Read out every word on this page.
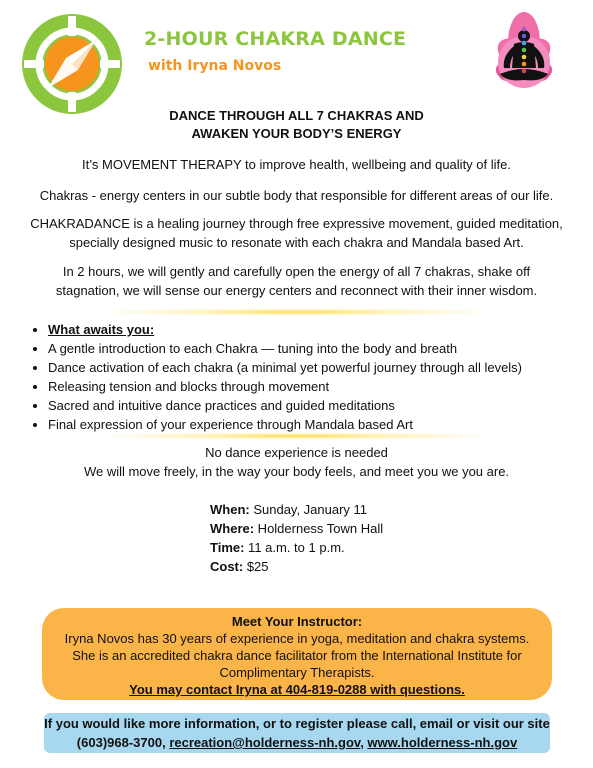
2-HOUR CHAKRA DANCE
with Iryna Novos
DANCE THROUGH ALL 7 CHAKRAS AND
AWAKEN YOUR BODY’S ENERGY
It’s MOVEMENT THERAPY to improve health, wellbeing and quality of life.
Chakras - energy centers in our subtle body that responsible for different areas of our life.
CHAKRADANCE is a healing journey through free expressive movement, guided meditation,
specially designed music to resonate with each chakra and Mandala based Art.
In 2 hours, we will gently and carefully open the energy of all 7 chakras, shake off
stagnation, we will sense our energy centers and reconnect with their inner wisdom.
• What awaits you:
• A gentle introduction to each Chakra — tuning into the body and breath
• Dance activation of each chakra (a minimal yet powerful journey through all levels)
• Releasing tension and blocks through movement
• Sacred and intuitive dance practices and guided meditations
• Final expression of your experience through Mandala based Art
No dance experience is needed
We will move freely, in the way your body feels, and meet you we you are.
When: Sunday, January 11
Where: Holderness Town Hall
Time: 11 a.m. to 1 p.m.
Cost: $25
Meet Your Instructor:
Iryna Novos has 30 years of experience in yoga, meditation and chakra systems.
She is an accredited chakra dance facilitator from the International Institute for
Complimentary Therapists.
You may contact Iryna at 404-819-0288 with questions.
If you would like more information, or to register please call, email or visit our site
(603)968-3700, recreation@holderness-nh.gov, www.holderness-nh.gov
